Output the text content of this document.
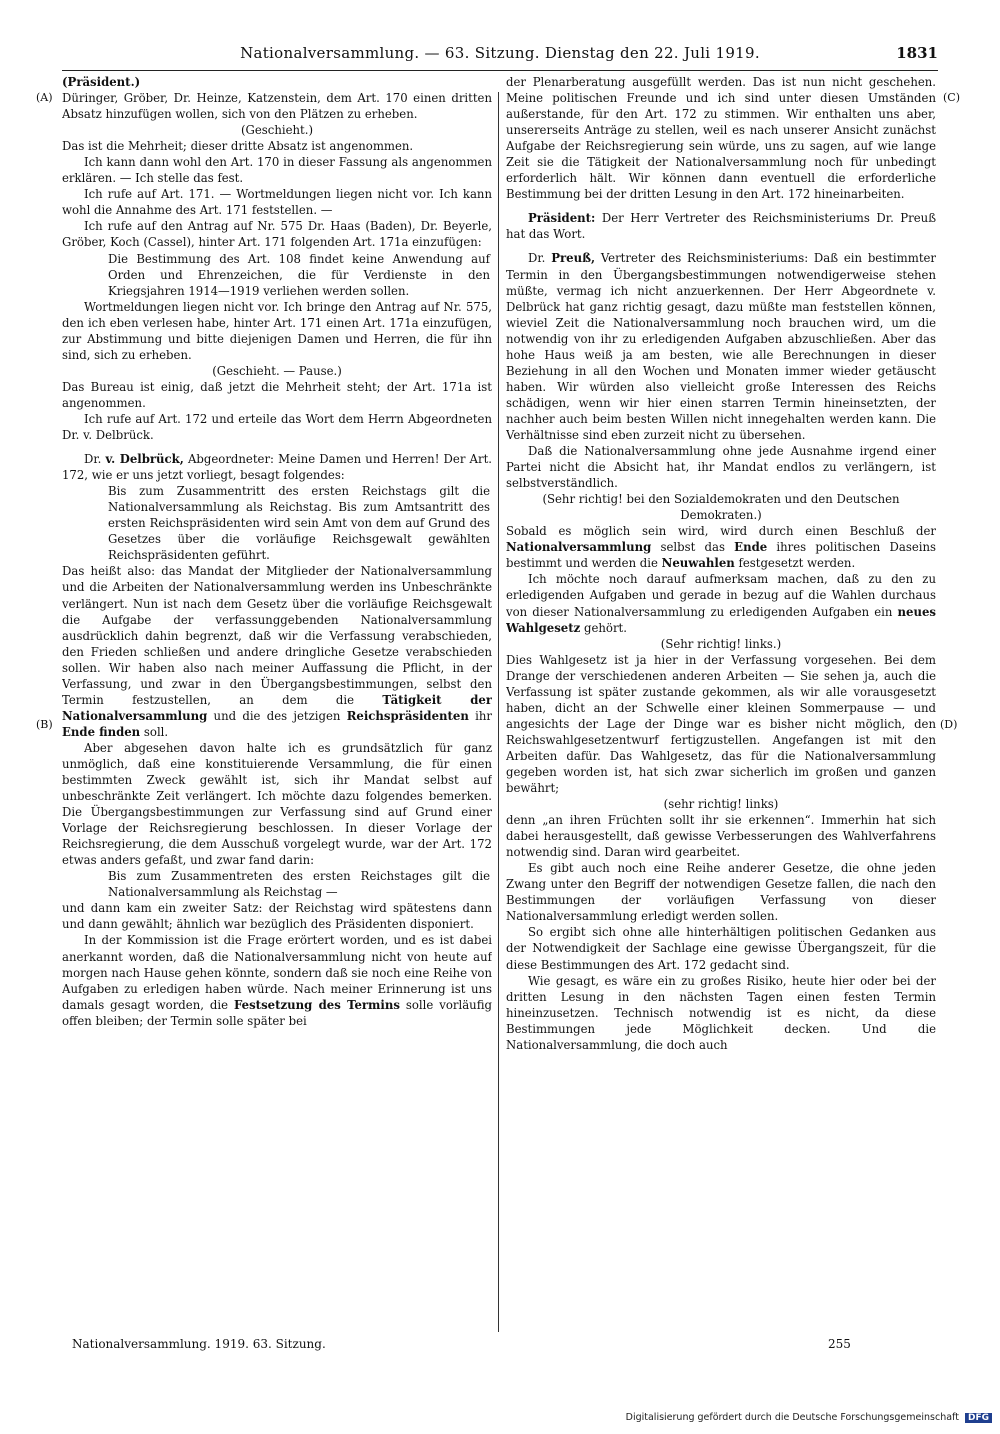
Nationalversammlung. — 63. Sitzung. Dienstag den 22. Juli 1919.	1831
(A)
(B)
(C)
(D)

(Präsident.)

Düringer, Gröber, Dr. Heinze, Katzenstein, dem Art. 170 einen dritten Absatz hinzufügen wollen, sich von den Plätzen zu erheben.

(Geschieht.)

Das ist die Mehrheit; dieser dritte Absatz ist angenommen.

Ich kann dann wohl den Art. 170 in dieser Fassung als angenommen erklären. — Ich stelle das fest.

Ich rufe auf Art. 171. — Wortmeldungen liegen nicht vor. Ich kann wohl die Annahme des Art. 171 feststellen. —

Ich rufe auf den Antrag auf Nr. 575 Dr. Haas (Baden), Dr. Beyerle, Gröber, Koch (Cassel), hinter Art. 171 folgenden Art. 171a einzufügen:

Die Bestimmung des Art. 108 findet keine Anwendung auf Orden und Ehrenzeichen, die für Verdienste in den Kriegsjahren 1914—1919 verliehen werden sollen.

Wortmeldungen liegen nicht vor. Ich bringe den Antrag auf Nr. 575, den ich eben verlesen habe, hinter Art. 171 einen Art. 171a einzufügen, zur Abstimmung und bitte diejenigen Damen und Herren, die für ihn sind, sich zu erheben.

(Geschieht. — Pause.)

Das Bureau ist einig, daß jetzt die Mehrheit steht; der Art. 171a ist angenommen.

Ich rufe auf Art. 172 und erteile das Wort dem Herrn Abgeordneten Dr. v. Delbrück.

Dr. v. Delbrück, Abgeordneter: Meine Damen und Herren! Der Art. 172, wie er uns jetzt vorliegt, besagt folgendes:

Bis zum Zusammentritt des ersten Reichstags gilt die Nationalversammlung als Reichstag. Bis zum Amtsantritt des ersten Reichspräsidenten wird sein Amt von dem auf Grund des Gesetzes über die vorläufige Reichsgewalt gewählten Reichspräsidenten geführt.

Das heißt also: das Mandat der Mitglieder der Nationalversammlung und die Arbeiten der Nationalversammlung werden ins Unbeschränkte verlängert. Nun ist nach dem Gesetz über die vorläufige Reichsgewalt die Aufgabe der verfassunggebenden Nationalversammlung ausdrücklich dahin begrenzt, daß wir die Verfassung verabschieden, den Frieden schließen und andere dringliche Gesetze verabschieden sollen. Wir haben also nach meiner Auffassung die Pflicht, in der Verfassung, und zwar in den Übergangsbestimmungen, selbst den Termin festzustellen, an dem die Tätigkeit der Nationalversammlung und die des jetzigen Reichspräsidenten ihr Ende finden soll.

Aber abgesehen davon halte ich es grundsätzlich für ganz unmöglich, daß eine konstituierende Versammlung, die für einen bestimmten Zweck gewählt ist, sich ihr Mandat selbst auf unbeschränkte Zeit verlängert. Ich möchte dazu folgendes bemerken. Die Übergangsbestimmungen zur Verfassung sind auf Grund einer Vorlage der Reichsregierung beschlossen. In dieser Vorlage der Reichsregierung, die dem Ausschuß vorgelegt wurde, war der Art. 172 etwas anders gefaßt, und zwar fand darin:

Bis zum Zusammentreten des ersten Reichstages gilt die Nationalversammlung als Reichstag —

und dann kam ein zweiter Satz: der Reichstag wird spätestens dann und dann gewählt; ähnlich war bezüglich des Präsidenten disponiert.

In der Kommission ist die Frage erörtert worden, und es ist dabei anerkannt worden, daß die Nationalversammlung nicht von heute auf morgen nach Hause gehen könnte, sondern daß sie noch eine Reihe von Aufgaben zu erledigen haben würde. Nach meiner Erinnerung ist uns damals gesagt worden, die Festsetzung des Termins solle vorläufig offen bleiben; der Termin solle später bei

der Plenarberatung ausgefüllt werden. Das ist nun nicht geschehen. Meine politischen Freunde und ich sind unter diesen Umständen außerstande, für den Art. 172 zu stimmen. Wir enthalten uns aber, unsererseits Anträge zu stellen, weil es nach unserer Ansicht zunächst Aufgabe der Reichsregierung sein würde, uns zu sagen, auf wie lange Zeit sie die Tätigkeit der Nationalversammlung noch für unbedingt erforderlich hält. Wir können dann eventuell die erforderliche Bestimmung bei der dritten Lesung in den Art. 172 hineinarbeiten.

Präsident: Der Herr Vertreter des Reichsministeriums Dr. Preuß hat das Wort.

Dr. Preuß, Vertreter des Reichsministeriums: Daß ein bestimmter Termin in den Übergangsbestimmungen notwendigerweise stehen müßte, vermag ich nicht anzuerkennen. Der Herr Abgeordnete v. Delbrück hat ganz richtig gesagt, dazu müßte man feststellen können, wieviel Zeit die Nationalversammlung noch brauchen wird, um die notwendig von ihr zu erledigenden Aufgaben abzuschließen. Aber das hohe Haus weiß ja am besten, wie alle Berechnungen in dieser Beziehung in all den Wochen und Monaten immer wieder getäuscht haben. Wir würden also vielleicht große Interessen des Reichs schädigen, wenn wir hier einen starren Termin hineinsetzten, der nachher auch beim besten Willen nicht innegehalten werden kann. Die Verhältnisse sind eben zurzeit nicht zu übersehen.

Daß die Nationalversammlung ohne jede Ausnahme irgend einer Partei nicht die Absicht hat, ihr Mandat endlos zu verlängern, ist selbstverständlich.

(Sehr richtig! bei den Sozialdemokraten und den Deutschen Demokraten.)

Sobald es möglich sein wird, wird durch einen Beschluß der Nationalversammlung selbst das Ende ihres politischen Daseins bestimmt und werden die Neuwahlen festgesetzt werden.

Ich möchte noch darauf aufmerksam machen, daß zu den zu erledigenden Aufgaben und gerade in bezug auf die Wahlen durchaus von dieser Nationalversammlung zu erledigenden Aufgaben ein neues Wahlgesetz gehört.

(Sehr richtig! links.)

Dies Wahlgesetz ist ja hier in der Verfassung vorgesehen. Bei dem Drange der verschiedenen anderen Arbeiten — Sie sehen ja, auch die Verfassung ist später zustande gekommen, als wir alle vorausgesetzt haben, dicht an der Schwelle einer kleinen Sommerpause — und angesichts der Lage der Dinge war es bisher nicht möglich, den Reichswahlgesetzentwurf fertigzustellen. Angefangen ist mit den Arbeiten dafür. Das Wahlgesetz, das für die Nationalversammlung gegeben worden ist, hat sich zwar sicherlich im großen und ganzen bewährt;

(sehr richtig! links)

denn „an ihren Früchten sollt ihr sie erkennen“. Immerhin hat sich dabei herausgestellt, daß gewisse Verbesserungen des Wahlverfahrens notwendig sind. Daran wird gearbeitet.

Es gibt auch noch eine Reihe anderer Gesetze, die ohne jeden Zwang unter den Begriff der notwendigen Gesetze fallen, die nach den Bestimmungen der vorläufigen Verfassung von dieser Nationalversammlung erledigt werden sollen.

So ergibt sich ohne alle hinterhältigen politischen Gedanken aus der Notwendigkeit der Sachlage eine gewisse Übergangszeit, für die diese Bestimmungen des Art. 172 gedacht sind.

Wie gesagt, es wäre ein zu großes Risiko, heute hier oder bei der dritten Lesung in den nächsten Tagen einen festen Termin hineinzusetzen. Technisch notwendig ist es nicht, da diese Bestimmungen jede Möglichkeit decken. Und die Nationalversammlung, die doch auch

Nationalversammlung. 1919. 63. Sitzung.	255
Digitalisierung gefördert durch die Deutsche Forschungsgemeinschaft DFG
